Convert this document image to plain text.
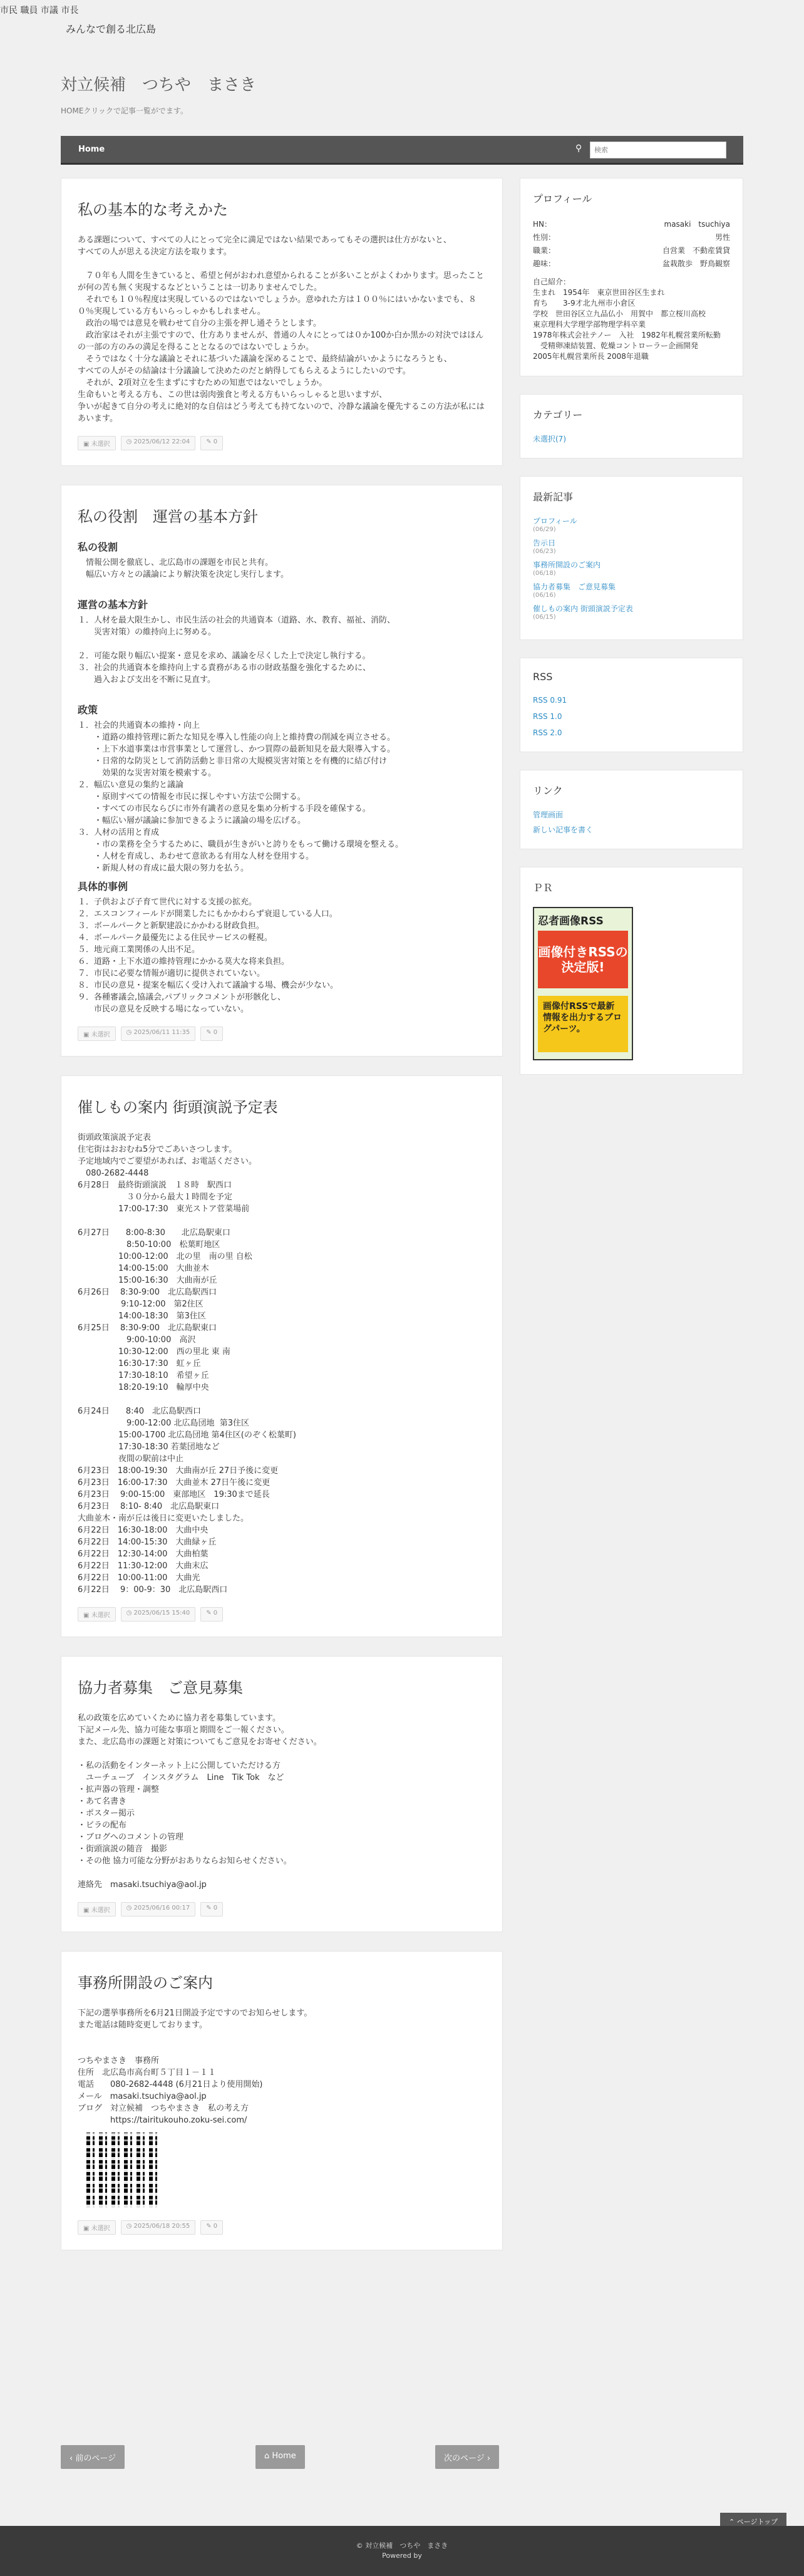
市民 職員 市議 市長
みんなで創る北広島
対立候補　つちや　まさき
HOMEクリックで記事一覧がでます。
Home	⚲
検索
私の基本的な考えかた
ある課題について、すべての人にとって完全に満足ではない結果であってもその選択は仕方がないと、
すべての人が思える決定方法を取ります。

　７０年も人間を生きていると、希望と何がおわれ意望かられることが多いことがよくわかります。思ったことが何の苦も無く実現するなどということは一切ありませんでした。
　それでも１０％程度は実現しているのではないでしょうか。意ゆれた方は１００％にはいかないまでも、８０％実現している方もいらっしゃかもしれません。
　政治の場では意見を戦わせて自分の主張を押し通そうとします。
　政治家はそれが主張ですので、仕方ありませんが、普通の人々にとっては０か100か白か黒かの対決ではほんの一部の方のみの満足を得ることとなるのではないでしょうか。
　そうではなく十分な議論とそれに基づいた議論を深めることで、最終結論がいかようになろうとも、
すべての人がその結論は十分議論して決めたのだと納得してもらえるようにしたいのです。
　それが、2項対立を生まずにすむための知恵ではないでしょうか。
生命もいと考える方も、この世は弱肉強食と考える方もいらっしゃると思いますが、
争いが起きて自分の考えに絶対的な自信はどう考えても持てないので、冷静な議論を優先するこの方法が私にはあいます。

▣ 未選択	◷ 2025/06/12 22:04	✎ 0
私の役割　運営の基本方針
私の役割
　情報公開を徹底し、北広島市の課題を市民と共有。
　幅広い方々との議論により解決策を決定し実行します。

運営の基本方針
１．人材を最大限生かし、市民生活の社会的共通資本（道路、水、教育、福祉、消防、
　　災害対策）の維持向上に努める。

２．可能な限り幅広い提案・意見を求め、議論を尽くした上で決定し執行する。
３．社会的共通資本を維持向上する責務がある市の財政基盤を強化するために、
　　過入および支出を不断に見直す。

政策
１．社会的共通資本の維持・向上
　　・道路の維持管理に新たな知見を導入し性能の向上と維持費の削減を両立させる。
　　・上下水道事業は市営事業として運営し、かつ買際の最新知見を最大限導入する。
　　・日常的な防災として消防活動と非日常の大規模災害対策とを有機的に結び付け
　　　効果的な災害対策を模索する。
２．幅広い意見の集約と議論
　　・原則すべての情報を市民に探しやすい方法で公開する。
　　・すべての市民ならびに市外有識者の意見を集め分析する手段を確保する。
　　・幅広い層が議論に参加できるように議論の場を広げる。
３．人材の活用と育成
　　・市の業務を全うするために、職員が生きがいと誇りをもって働ける環境を整える。
　　・人材を育成し、あわせて意欲ある有用な人材を登用する。
　　・新規人材の育成に最大限の努力を払う。

具体的事例
１．子供および子育て世代に対する支援の拡充。
２．エスコンフィールドが開業したにもかかわらず衰退している人口。
３．ボールパークと新駅建設にかかわる財政負担。
４．ボールパーク最優先による住民サービスの軽視。
５．地元商工業関係の人出不足。
６．道路・上下水道の維持管理にかかる莫大な将来負担。
７．市民に必要な情報が適切に提供されていない。
８．市民の意見・提案を幅広く受け入れて議論する場、機会が少ない。
９．各種審議会,協議会,パブリックコメントが形骸化し、
　　市民の意見を反映する場になっていない。

▣ 未選択	◷ 2025/06/11 11:35	✎ 0
催しもの案内 街頭演説予定表
街頭政策演説予定表
住宅街はおおむね5分でごあいさつします。
予定地域内でご要望があれば、お電話ください。
　080-2682-4448
6月28日　最終街頭演説　１８時　駅西口
　　　　　　３０分から最大１時間を予定
　　　　　17:00-17:30　東光ストア菅菜場前

6月27日　　8:00-8:30　　北広島駅東口
　　　　　　8:50-10:00　松葉町地区
　　　　　10:00-12:00　北の里　南の里 自松
　　　　　14:00-15:00　大曲並木
　　　　　15:00-16:30　大曲南が丘
6月26日　 8:30-9:00　北広島駅西口
　　　　　 9:10-12:00　第2住区
　　　　　14:00-18:30　第3住区
6月25日　 8:30-9:00　北広島駅東口
　　　　　　9:00-10:00　高沢
　　　　　10:30-12:00　西の里北 東 南
　　　　　16:30-17:30　虹ヶ丘
　　　　　17:30-18:10　希望ヶ丘
　　　　　18:20-19:10　輪厚中央

6月24日　　8:40　北広島駅西口
　　　　　　9:00-12:00 北広島団地  第3住区
　　　　　15:00-1700 北広島団地 第4住区(のぞく松葉町)
　　　　　17:30-18:30 若葉団地など
　　　　　夜間の駅前は中止
6月23日　18:00-19:30　大曲南が丘 27日予後に変更
6月23日　16:00-17:30　大曲並木 27日午後に変更
6月23日　 9:00-15:00　東部地区　19:30まで延長
6月23日　 8:10- 8:40　北広島駅東口
大曲並木・南が丘は後日に変更いたしました。
6月22日　16:30-18:00　大曲中央
6月22日　14:00-15:30　大曲緑ヶ丘
6月22日　12:30-14:00　大曲柏葉
6月22日　11:30-12:00　大曲末広
6月22日　10:00-11:00　大曲光
6月22日　 9：00-9：30　北広島駅西口

▣ 未選択	◷ 2025/06/15 15:40	✎ 0
協力者募集　ご意見募集
私の政策を広めていくために協力者を募集しています。
下記メール先、協力可能な事項と期間をご一報ください。
また、北広島市の課題と対策についてもご意見をお寄せください。

・私の活動をインターネット上に公開していただける方
　ユーチューブ　インスタグラム　Line　Tik Tok　など
・拡声器の管理・調整
・あて名書き
・ポスター掲示
・ビラの配布
・ブログへのコメントの管理
・街頭演説の随音　撮影
・その他 協力可能な分野がおありならお知らせください。

連絡先　masaki.tsuchiya@aol.jp

▣ 未選択	◷ 2025/06/16 00:17	✎ 0
事務所開設のご案内
下記の選挙事務所を6月21日開設予定ですのでお知らせします。
また電話は随時変更しております。

つちやまさき　事務所
住所　北広島市高台町５丁目１－１１
電話　　080-2682-4448 (6月21日より使用開始)
メール　masaki.tsuchiya@aol.jp
ブログ　対立候補　つちやまさき　私の考え方
　　　　https://tairitukouho.zoku-sei.com/

▣ 未選択	◷ 2025/06/18 20:55	✎ 0
プロフィール
HN：	masaki　tsuchiya
性別：	男性
職業：	自営業　不動産賃貸
趣味：	盆栽散歩　野鳥観察
自己紹介：
生まれ　1954年　東京世田谷区生まれ
育ち　　3-9才北九州市小倉区
学校　世田谷区立九品仏小　用賀中　都立桜川高校
東京理科大学理学部物理学科卒業
1978年株式会社テノー　入社　1982年札幌営業所転勤
　受精卵凍結装置、乾燥コントローラー企画開発
2005年札幌営業所長 2008年退職
カテゴリー
未選択(7)
最新記事
プロフィール
(06/29)
告示日
(06/23)
事務所開設のご案内
(06/18)
協力者募集　ご意見募集
(06/16)
催しもの案内 街頭演説予定表
(06/15)
RSS
RSS 0.91
RSS 1.0
RSS 2.0
リンク
管理画面
新しい記事を書く
ＰＲ
忍者画像RSS
画像付きRSSの決定版!
画像付RSSで最新情報を出力するブログパーツ。
‹ 前のページ	⌂ Home	次のページ ›
⌃ ページトップ
© 対立候補　つちや　まさき
Powered by
